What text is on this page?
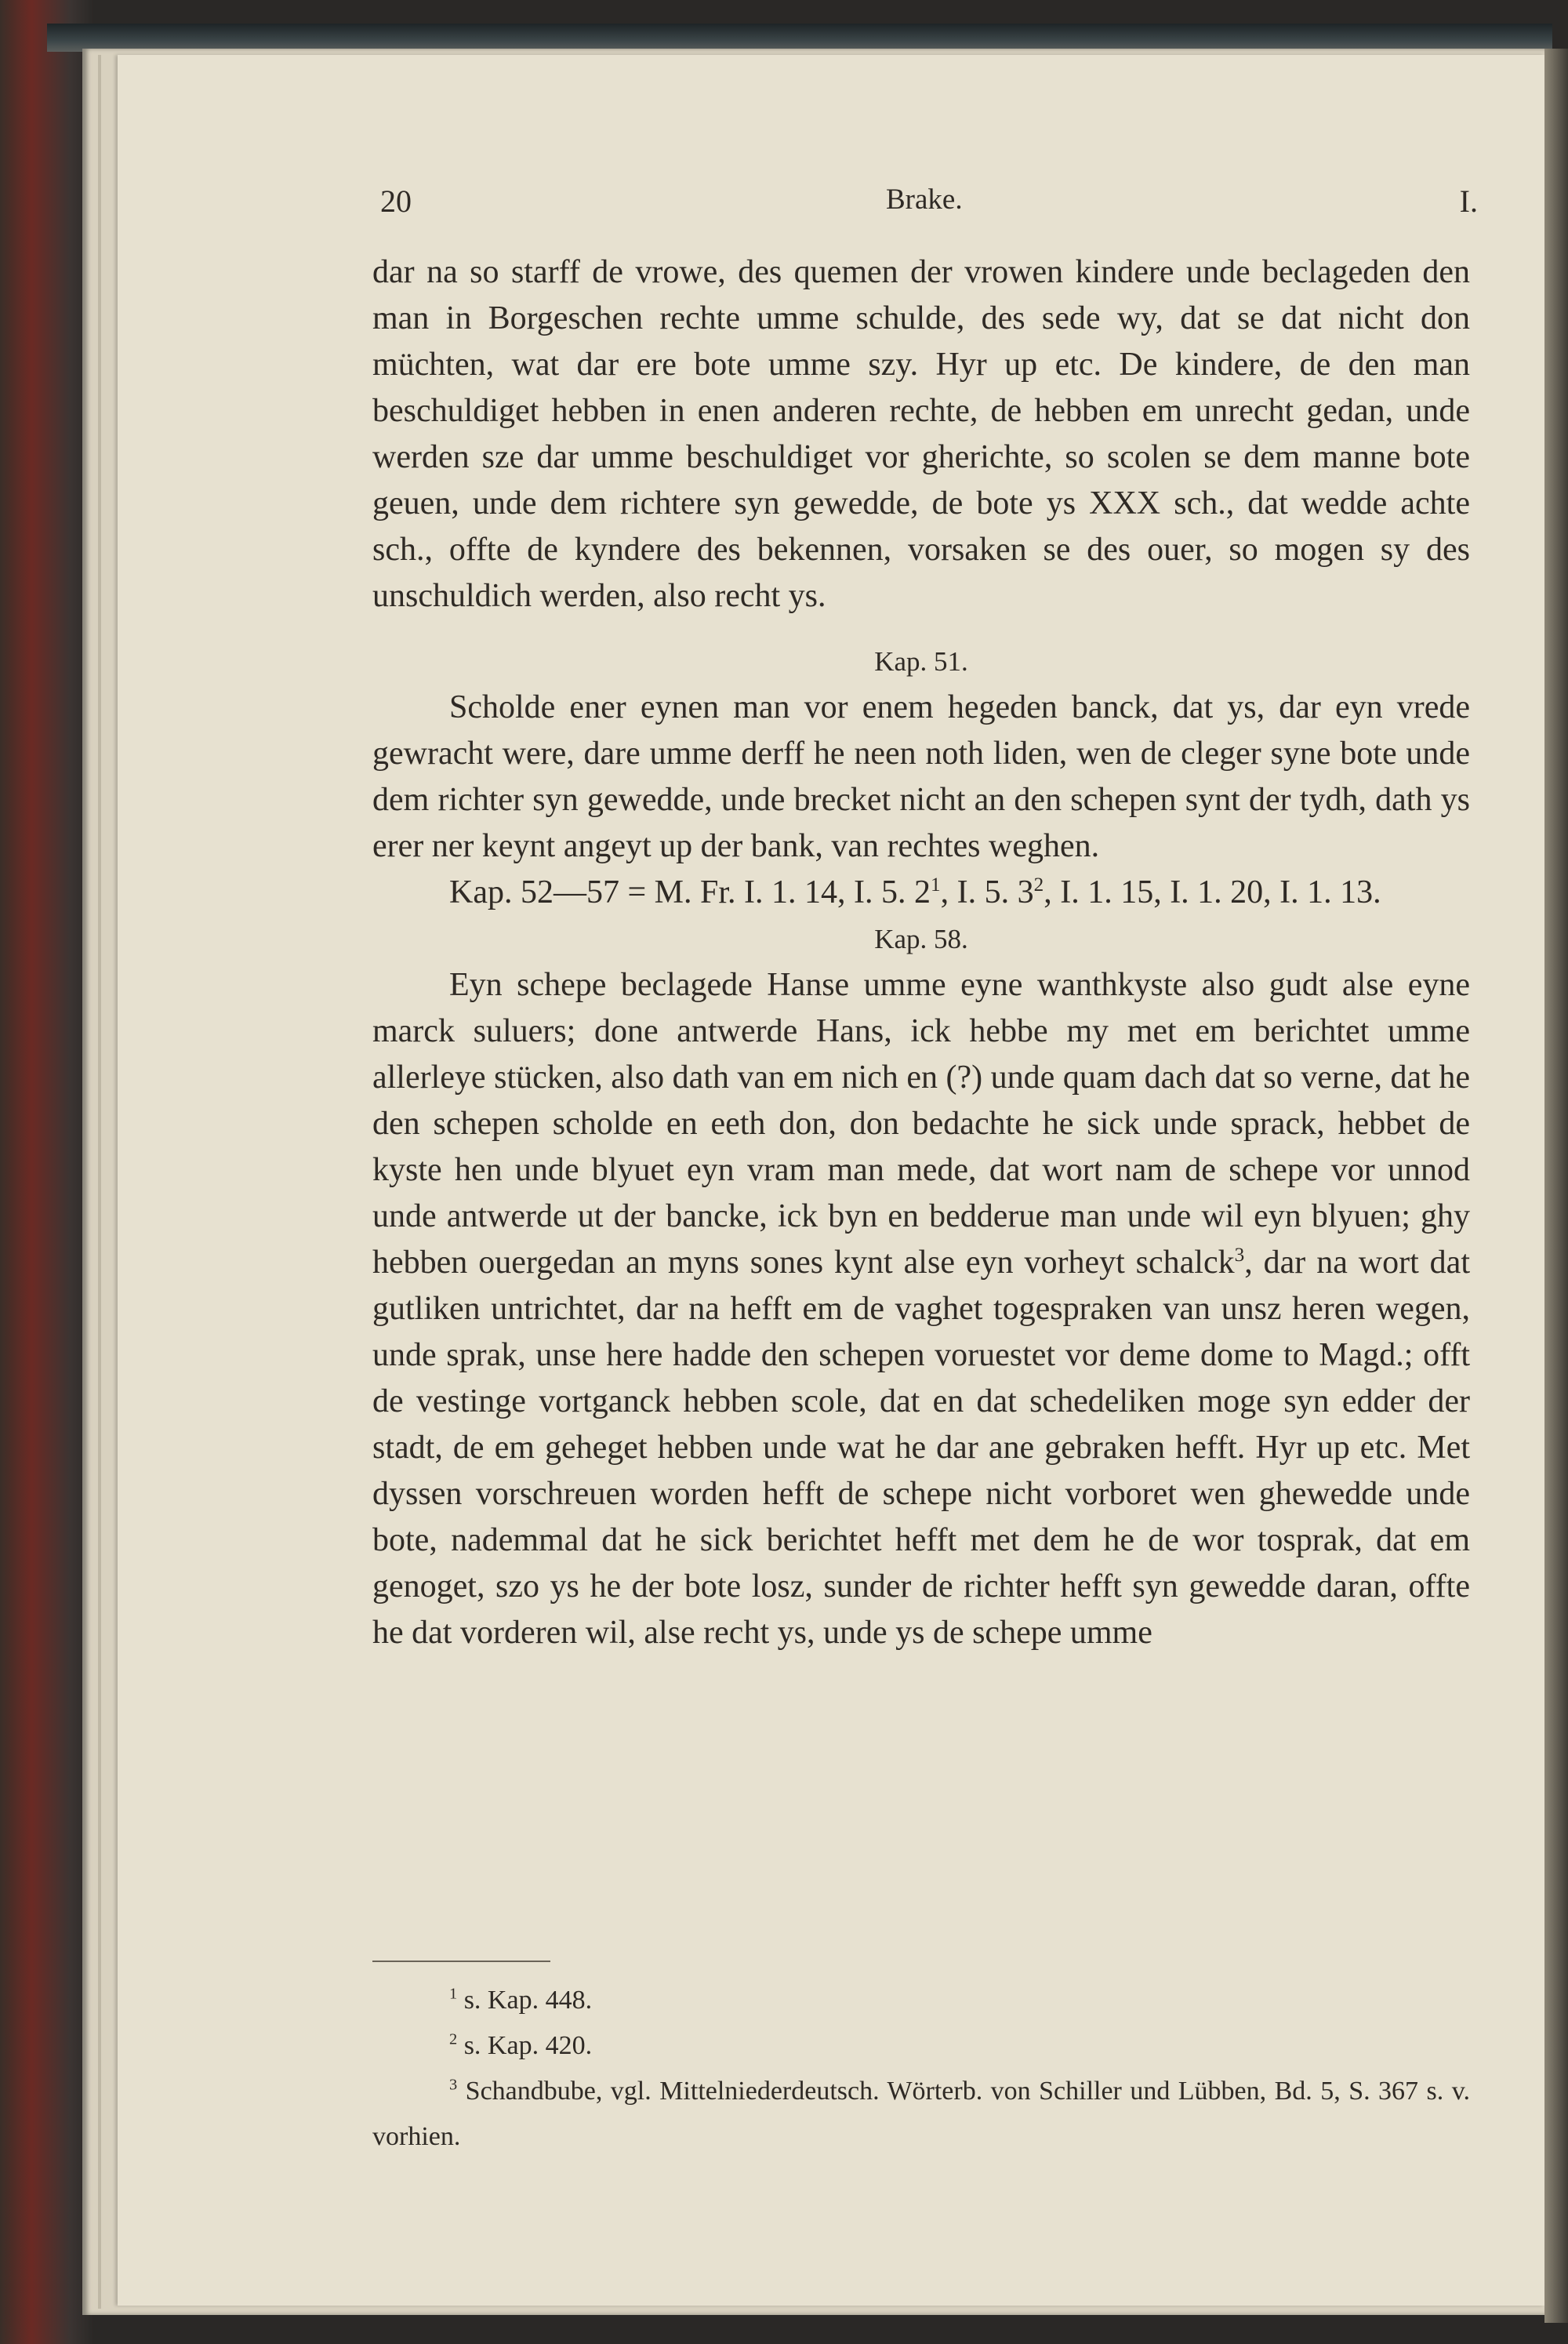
20	Brake.	I.

dar na so starff de vrowe, des quemen der vrowen kindere unde beclageden den man in Borgeschen rechte umme schulde, des sede wy, dat se dat nicht don müchten, wat dar ere bote umme szy. Hyr up etc. De kindere, de den man beschuldiget hebben in enen anderen rechte, de hebben em unrecht gedan, unde werden sze dar umme beschuldiget vor gherichte, so scolen se dem manne bote geuen, unde dem richtere syn gewedde, de bote ys XXX sch., dat wedde achte sch., offte de kyndere des bekennen, vorsaken se des ouer, so mogen sy des unschuldich werden, also recht ys.

Kap. 51.

Scholde ener eynen man vor enem hegeden banck, dat ys, dar eyn vrede gewracht were, dare umme derff he neen noth liden, wen de cleger syne bote unde dem richter syn gewedde, unde brecket nicht an den schepen synt der tydh, dath ys erer ner keynt angeyt up der bank, van rechtes weghen.

Kap. 52—57 = M. Fr. I. 1. 14, I. 5. $2^1$, I. 5. $3^2$, I. 1. 15, I. 1. 20, I. 1. 13.

Kap. 58.

Eyn schepe beclagede Hanse umme eyne wanthkyste also gudt alse eyne marck suluers; done antwerde Hans, ick hebbe my met em berichtet umme allerleye stücken, also dath van em nich en (?) unde quam dach dat so verne, dat he den schepen scholde en eeth don, don bedachte he sick unde sprack, hebbet de kyste hen unde blyuet eyn vram man mede, dat wort nam de schepe vor unnod unde antwerde ut der bancke, ick byn en bedderue man unde wil eyn blyuen; ghy hebben ouergedan an myns sones kynt alse eyn vorheyt schalck$^3$, dar na wort dat gutliken untrichtet, dar na hefft em de vaghet togespraken van unsz heren wegen, unde sprak, unse here hadde den schepen voruestet vor deme dome to Magd.; offt de vestinge vortganck hebben scole, dat en dat schedeliken moge syn edder der stadt, de em geheget hebben unde wat he dar ane gebraken hefft. Hyr up etc. Met dyssen vorschreuen worden hefft de schepe nicht vorboret wen ghewedde unde bote, nademmal dat he sick berichtet hefft met dem he de wor tosprak, dat em genoget, szo ys he der bote losz, sunder de richter hefft syn gewedde daran, offte he dat vorderen wil, alse recht ys, unde ys de schepe umme

$^1$ s. Kap. 448.

$^2$ s. Kap. 420.

$^3$ Schandbube, vgl. Mittelniederdeutsch. Wörterb. von Schiller und Lübben, Bd. 5, S. 367 s. v. vorhien.
